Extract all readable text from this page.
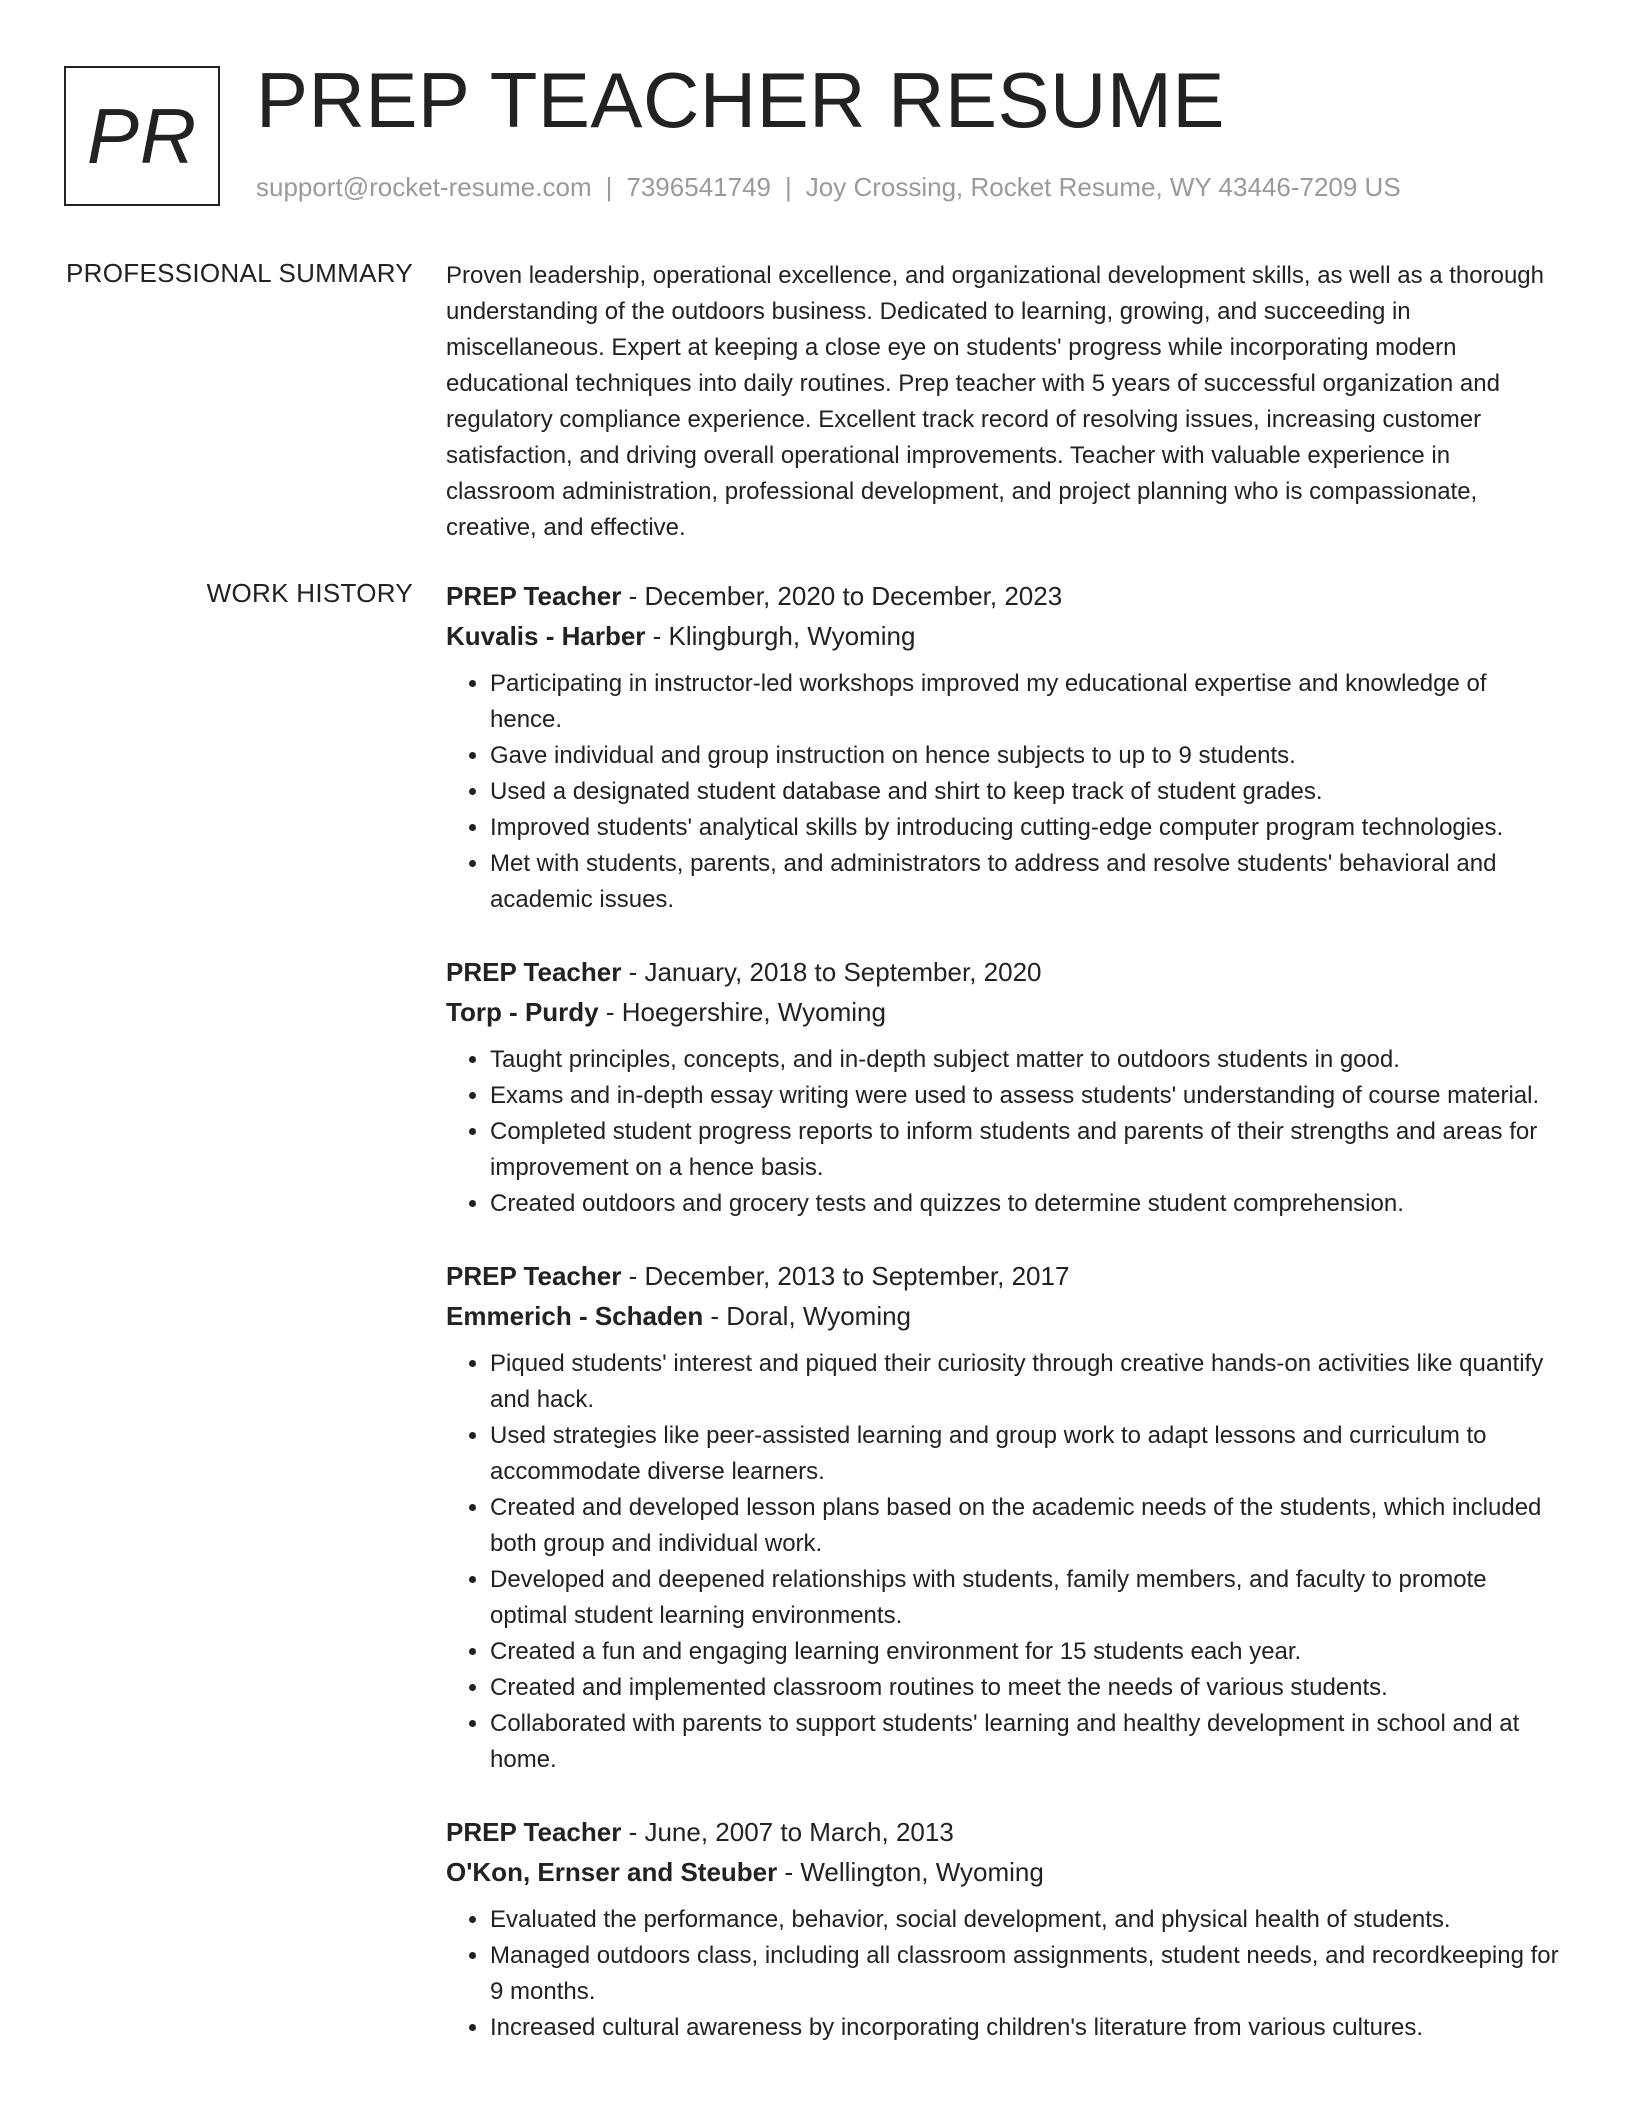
PR PREP TEACHER RESUME
support@rocket-resume.com | 7396541749 | Joy Crossing, Rocket Resume, WY 43446-7209 US
PROFESSIONAL SUMMARY Proven leadership, operational excellence, and organizational development skills, as well as a thorough understanding of the outdoors business. Dedicated to learning, growing, and succeeding in miscellaneous. Expert at keeping a close eye on students' progress while incorporating modern educational techniques into daily routines. Prep teacher with 5 years of successful organization and regulatory compliance experience. Excellent track record of resolving issues, increasing customer satisfaction, and driving overall operational improvements. Teacher with valuable experience in classroom administration, professional development, and project planning who is compassionate, creative, and effective.

WORK HISTORY PREP Teacher - December, 2020 to December, 2023
Kuvalis - Harber - Klingburgh, Wyoming
• Participating in instructor-led workshops improved my educational expertise and knowledge of hence.
• Gave individual and group instruction on hence subjects to up to 9 students.
• Used a designated student database and shirt to keep track of student grades.
• Improved students' analytical skills by introducing cutting-edge computer program technologies.
• Met with students, parents, and administrators to address and resolve students' behavioral and academic issues.
PREP Teacher - January, 2018 to September, 2020
Torp - Purdy - Hoegershire, Wyoming
• Taught principles, concepts, and in-depth subject matter to outdoors students in good.
• Exams and in-depth essay writing were used to assess students' understanding of course material.
• Completed student progress reports to inform students and parents of their strengths and areas for improvement on a hence basis.
• Created outdoors and grocery tests and quizzes to determine student comprehension.
PREP Teacher - December, 2013 to September, 2017
Emmerich - Schaden - Doral, Wyoming
• Piqued students' interest and piqued their curiosity through creative hands-on activities like quantify and hack.
• Used strategies like peer-assisted learning and group work to adapt lessons and curriculum to accommodate diverse learners.
• Created and developed lesson plans based on the academic needs of the students, which included both group and individual work.
• Developed and deepened relationships with students, family members, and faculty to promote optimal student learning environments.
• Created a fun and engaging learning environment for 15 students each year.
• Created and implemented classroom routines to meet the needs of various students.
• Collaborated with parents to support students' learning and healthy development in school and at home.
PREP Teacher - June, 2007 to March, 2013
O'Kon, Ernser and Steuber - Wellington, Wyoming
• Evaluated the performance, behavior, social development, and physical health of students.
• Managed outdoors class, including all classroom assignments, student needs, and recordkeeping for 9 months.
• Increased cultural awareness by incorporating children's literature from various cultures.
